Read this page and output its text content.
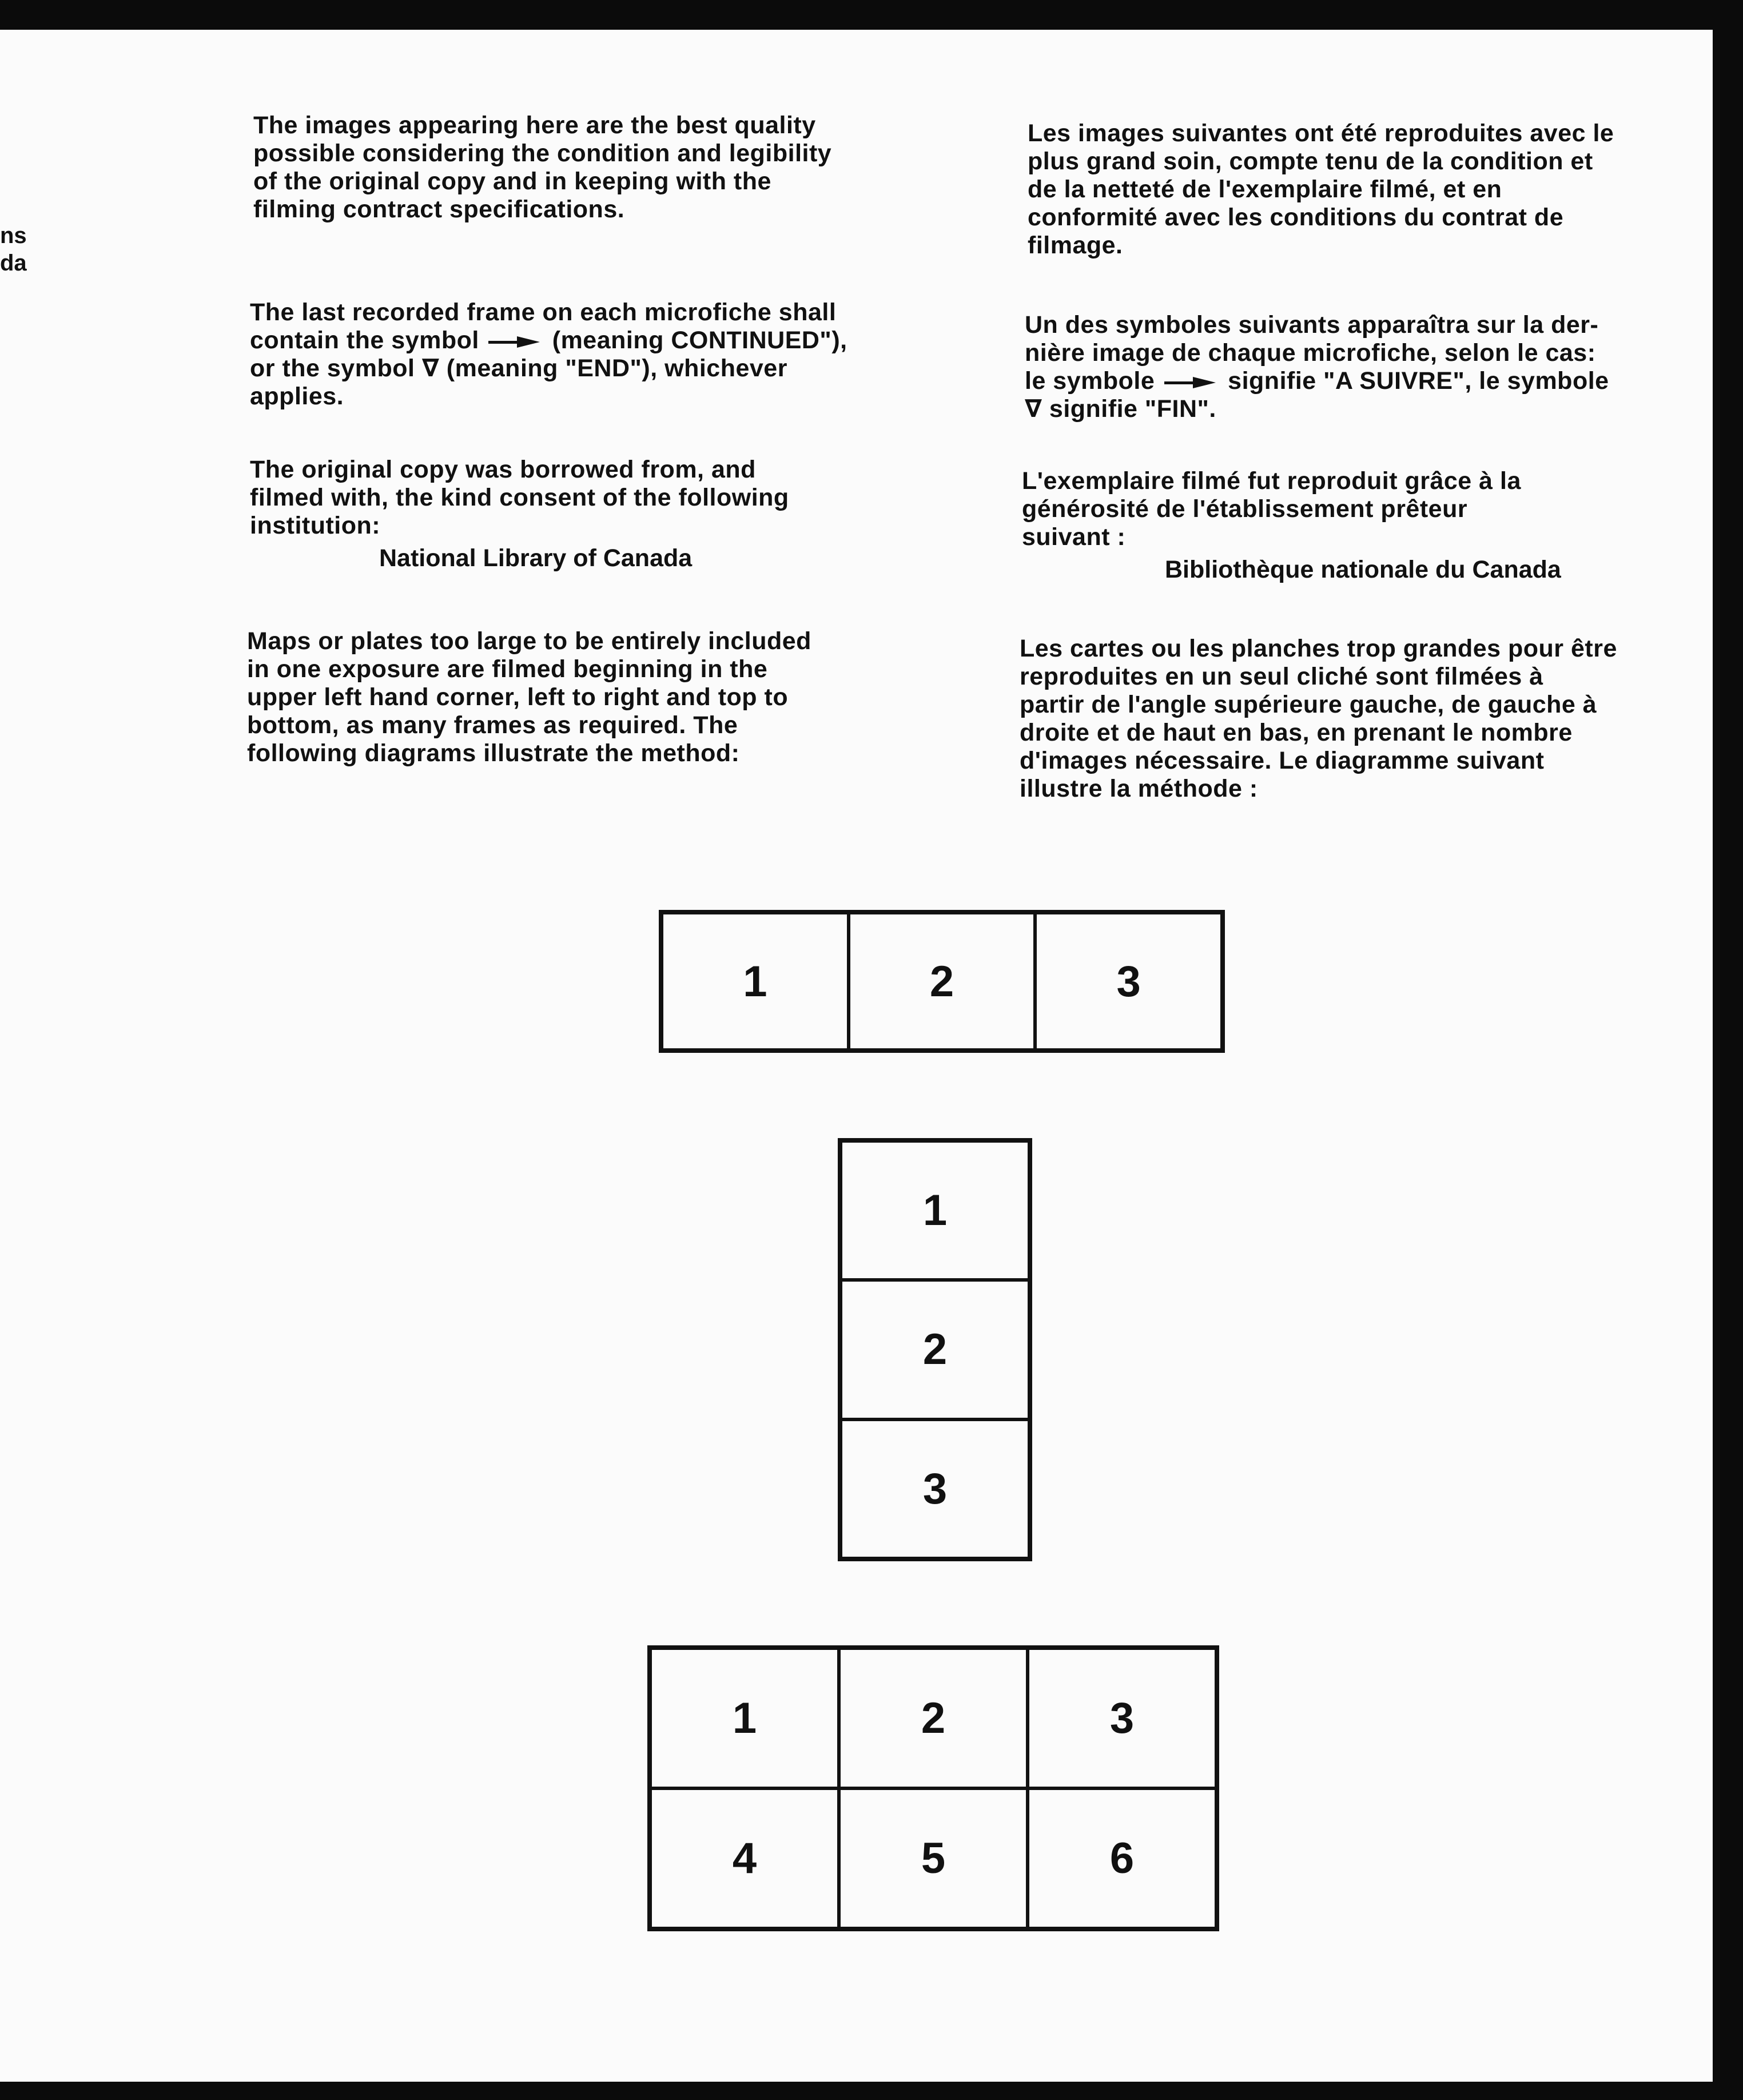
ns
da
The images appearing here are the best quality
possible considering the condition and legibility
of the original copy and in keeping with the
filming contract specifications.
The last recorded frame on each microfiche shall
contain the symbol	(meaning CONTINUED"),
or the symbol ∇ (meaning "END"), whichever
applies.
The original copy was borrowed from, and
filmed with, the kind consent of the following
institution:
National Library of Canada
Maps or plates too large to be entirely included
in one exposure are filmed beginning in the
upper left hand corner, left to right and top to
bottom, as many frames as required. The
following diagrams illustrate the method:
Les images suivantes ont été reproduites avec le
plus grand soin, compte tenu de la condition et
de la netteté de l'exemplaire filmé, et en
conformité avec les conditions du contrat de
filmage.
Un des symboles suivants apparaîtra sur la der-
nière image de chaque microfiche, selon le cas:
le symbole	signifie "A SUIVRE", le symbole
∇ signifie "FIN".
L'exemplaire filmé fut reproduit grâce à la
générosité de l'établissement prêteur
suivant :
Bibliothèque nationale du Canada
Les cartes ou les planches trop grandes pour être
reproduites en un seul cliché sont filmées à
partir de l'angle supérieure gauche, de gauche à
droite et de haut en bas, en prenant le nombre
d'images nécessaire. Le diagramme suivant
illustre la méthode :
1	2	3
1
2
3
1	2	3
4	5	6
